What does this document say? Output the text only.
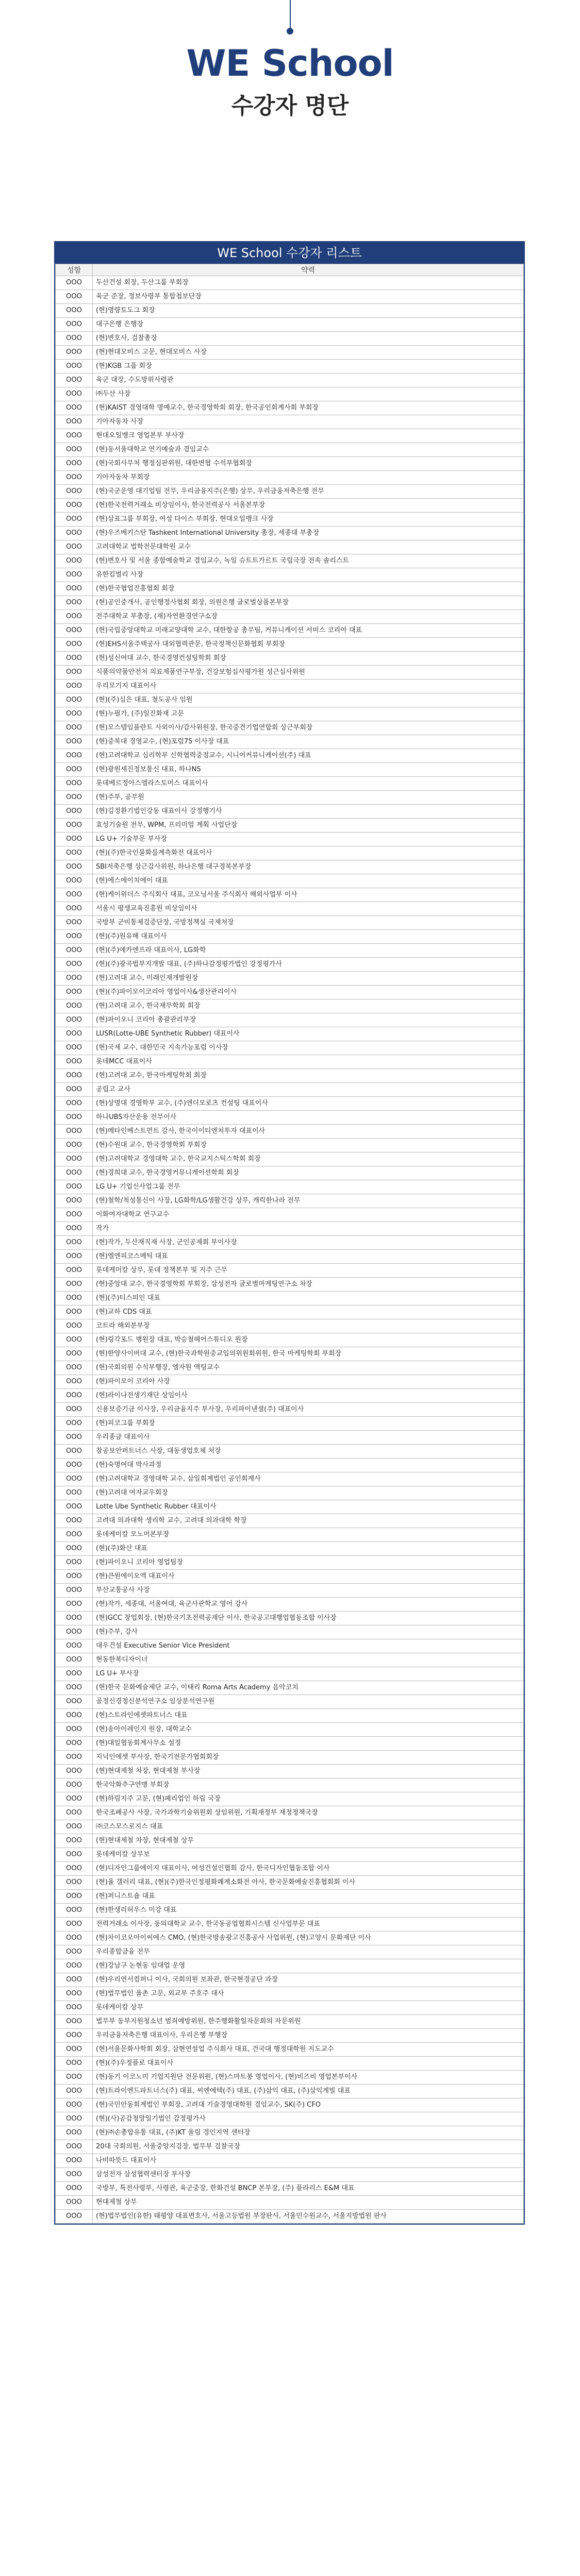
WE School
수강자 명단
WE School 수강자 리스트
성함	약력
OOO	두산건설 회장, 두산그룹 부회장
OOO	육군 준장, 정보사령부 통합첩보단장
OOO	(현)명량토도그 회장
OOO	대구은행 은행장
OOO	(현)변호사, 검찰총장
OOO	(현)현대모비스 고문, 현대모비스 사장
OOO	(현)KGB 그룹 회장
OOO	육군 대장, 수도방위사령관
OOO	㈜두산 사장
OOO	(현)KAIST 경영대학 명예교수, 한국경영학회 회장, 한국공인회계사회 부회장
OOO	기아자동차 사장
OOO	현대오일뱅크 영업본부 부사장
OOO	(현)동서울대학교 연기예술과 겸임교수
OOO	(현)국회사무처 행정심판위원, 대한변협 수석부협회장
OOO	기아자동차 부회장
OOO	(현)국군운영 대기업팀 전무, 우리금융지주(은행) 상무, 우리금융저축은행 전무
OOO	(현)한국전력거래소 비상임이사, 한국전력공사 서울본부장
OOO	(현)삼표그룹 부회장, 여성 다이스 부회장, 현대오일뱅크 사장
OOO	(현)우즈베키스탄 Tashkent International University 총장, 세종대 부총장
OOO	고려대학교 법학전문대학원 교수
OOO	(현)변호사 및 서울 종합예술학교 겸임교수, 녹일 슈트트가르트 국립극장 전속 솔리스트
OOO	유한킴벌리 사장
OOO	(현)한국협업진흥협회 회장
OOO	(현)공인중개사, 공인행정사협회 회장, 의원은행 글로벌상품본부장
OOO	전주대학교 부총장, (재)자연환경연구소장
OOO	(현)국립중앙대학교 미래교양대학 교수, 대한항공 총무팀, 커뮤니케이션 서비스 코리아 대표
OOO	(현)EHS서울주택공사 대외협력관문, 한국정책신문화협회 부회장
OOO	(현)성신여대 교수, 한국경영컨설팅학회 회장
OOO	식품의약품안전처 의료제품연구부장, 건강보험심사평가원 성근심사위원
OOO	우리모기지 대표이사
OOO	(현)(주)심은 대표, 철도공사 임원
OOO	(현)누필가, (주)일진화재 고문
OOO	(현)모스템임플란트 사외이사/감사위원장, 한국중견기업연합회 상근부회장
OOO	(현)중북대 경영교수, (현)포럼75 이사장 대표
OOO	(현)고려대학교 심리학부 신학협력중점교수, 시니어커뮤니케이션(주) 대표
OOO	(현)광원세진정보통신 대표, 하나NS
OOO	롯데베르정아스엘라스토머스 대표이사
OOO	(현)주부, 공무원
OOO	(현)김정환기법인강동 대표이사 강정행기사
OOO	효성기술원 전무, WPM, 프리미엄 계획 사업단장
OOO	LG U+ 기술부문 부사장
OOO	(현)(주)한국인불화를계측화전 대표이사
OOO	SBI저축은행 상근감사위원, 하나은행 대구경북본부장
OOO	(현)에스에이치에이 대표
OOO	(현)케이위더스 주식회사 대표, 코오닝서울 주식회사 해외사업부 이사
OOO	서울시 평생교육진흥원 비상임이사
OOO	국방부 군비통제검증단장, 국방정책실 국제처장
OOO	(현)(주)원유해 대표이사
OOO	(현)(주)에카엔프라 대표이사, LG화학
OOO	(현)(주)광곡법부지개발 대표, (주)하나감정평가법인 강정평가사
OOO	(현)고려대 교수, 미래인재개발원장
OOO	(현)(주)파이모이코리아 영업이사&생산관리이사
OOO	(현)고려대 교수, 한국재무학회 회장
OOO	(현)파이오니 코리아 총괄관리부장
OOO	LUSR(Lotte-UBE Synthetic Rubber) 대표이사
OOO	(현)국제 교수, 대한민국 지속가능포럼 이사장
OOO	롯데MCC 대표이사
OOO	(현)고려대 교수, 한국마케팅학회 회장
OOO	공립고 교사
OOO	(현)상명대 경영학부 교수, (주)엔더모로츠 컨설팅 대표이사
OOO	하나UBS자산운용 전무이사
OOO	(현)메타인베스트먼트 감사, 한국이이티엔처투자 대표이사
OOO	(현)수원대 교수, 한국경영학회 부회장
OOO	(현)고려대학교 경영대학 교수, 한국교지스틱스학회 회장
OOO	(현)경희대 교수, 한국경영커뮤니케이션학회 회장
OOO	LG U+ 기업신사업그룹 전무
OOO	(현)철학/척성통신이 사장, LG화학/LG생활건강 상무, 캐릭한나라 전무
OOO	이화여자대학교 연구교수
OOO	작가
OOO	(현)작가, 두산재직재 사장, 군인공제회 부이사장
OOO	(현)엘엔피코스메틱 대표
OOO	롯데케미칼 상무, 롯데 정책본부 및 지주 근무
OOO	(현)중앙대 교수, 한국경영학회 부회장, 삼성전자 글로벌마케팅연구소 차장
OOO	(현)(주)티스피인 대표
OOO	(현)교하 CDS 대표
OOO	코트라 해외분부장
OOO	(현)링각포드 병원장 대표, 박승철헤어스튜디오 원장
OOO	(현)한양사이버대 교수, (현)한국과학원중교입의위원회위원, 한국 마케팅학회 부회장
OOO	(현)국회의원 수석부행장, 엠자원 액팅교수
OOO	(현)파이모이 코리아 사장
OOO	(현)라이나전생기재단 상임이사
OOO	신용보증기금 이사장, 우리금융지주 부사장, 우리파이낸셜(주) 대표이사
OOO	(현)피코그룹 부회장
OOO	우리종금 대표이사
OOO	참공보안퍼트너스 사장, 대동생업호체 처장
OOO	(현)숙명여대 박사과정
OOO	(현)고려대학교 경영대학 교수, 삼일회계법인 공인회계사
OOO	(현)고려대 여자교우회장
OOO	Lotte Ube Synthetic Rubber 대표이사
OOO	고려대 의과대학 생리학 교수, 고려대 의과대학 학장
OOO	롯데케미칼 모노머본부장
OOO	(현)(주)화산 대표
OOO	(현)파이오니 코리아 영업팀장
OOO	(현)큰원에이오엑 대표이사
OOO	부산교통공사 사장
OOO	(현)작가, 세종대, 서울여대, 육군사관학교 영어 강사
OOO	(현)GCC 창업회장, (현)한국기초전력공재단 이사, 한국공고대행업협동조합 이사장
OOO	(현)주부, 강사
OOO	대우건설 Executive Senior Vice President
OOO	현동한복디자이너
OOO	LG U+ 부사장
OOO	(현)한국 문화예술제단 교수, 이태리 Roma Arts Academy 음악코치
OOO	골정신경정신분석연구소 임상분석연구원
OOO	(현)스트라인에셋파트너스 대표
OOO	(현)송아이레인지 원장, 대학교수
OOO	(현)대일협동회계사무소 설정
OOO	지닉인에셋 부사장, 한국기전문가협회회장
OOO	(현)현대제철 차장, 현대제철 부사장
OOO	한국악화추구연맹 부회장
OOO	(현)하림지주 고문, (현)패리업인 하림 국장
OOO	한국조폐공사 사장, 국가과학기술위원회 상임위원, 기획재정부 재정정책국장
OOO	㈜코스모스로지스 대표
OOO	(현)현대제철 차장, 현대제철 상무
OOO	롯데케미칼 상무보
OOO	(현)디자인그룹에이지 대표이사, 여성건설인협회 감사, 한국디자인협동조합 이사
OOO	(현)율 갤러리 대표, (현)(주)한국인정평화쾌계소화전 아사, 한국문화예술진흥협회회 이사
OOO	(현)퍼니스트숍 대표
OOO	(현)한생리허우스 미강 대표
OOO	전력거래소 이사장, 동의대학교 교수, 한국동공업협회시스템 신사업부문 대표
OOO	(현)차이코오아이씨에스 CMO, (현)한국방송광고진흥공사 사업위원, (현)고양시 문화재단 이사
OOO	우리종합금융 전무
OOO	(현)강남구 논현동 임대업 운영
OOO	(현)우리연서컴퍼니 이사, 국회의원 보좌관, 한국현경공단 과장
OOO	(현)법무법인 율촌 고문, 외교부 주호주 대사
OOO	롯데케미칼 상무
OOO	법무부 동부지원청소년 범죄예방위원, 한주행화활일자문회의 자문위원
OOO	우리금융저축은행 대표이사, 우리은행 부행장
OOO	(현)서울문화사학회 회장, 삼현연설업 주식회사 대표, 건국대 행정대학원 지도교수
OOO	(현)(주)우정플로 대표이사
OOO	(현)동기 이코노미 기업지원단 전문위원, (현)스마트봉 영업이사, (현)비즈비 영업본부이사
OOO	(현)트라이엔드파트너스(주) 대표, 씨엔에텍(주) 대표, (주)삼익 대표, (주)삼익게빌 대표
OOO	(현)국민안동회계법인 부회장, 고려대 기술경영대학원 겸임교수, SK(주) CFO
OOO	(현)(사)공감청망일기법인 감정평가사
OOO	(현)㈜손총합유통 대표, (주)KT 울림 경인지역 센터장
OOO	20대 국회의원, 서울중앙지검장, 법무부 검찰국장
OOO	나비따뜻드 대표이사
OOO	삼성전자 삼성협력센터장 부사장
OOO	국방부, 특전사령부, 사령관, 육군중장, 한화건설 BNCP 본부장, (주) 플라리스 E&M 대표
OOO	현대제철 상무
OOO	(현)법무법인(유한) 태평양 대표변호사, 서울고등법원 부장판사, 서울민수원교수, 서울지방법원 판사
